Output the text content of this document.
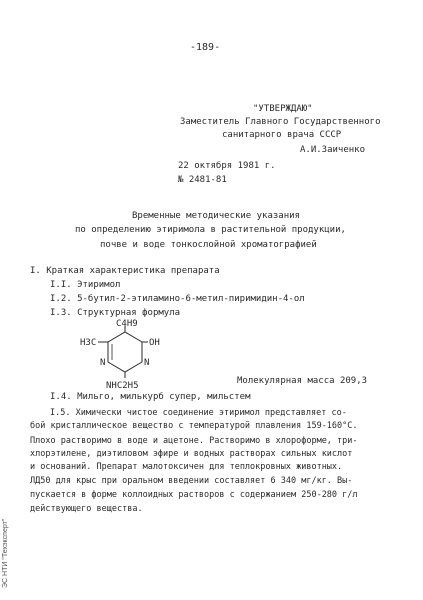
-189-
"УТВЕРЖДАЮ"
Заместитель Главного Государственного
санитарного врача СССР
А.И.Заиченко
22 октября 1981 г.
№ 2481-81
Временные методические указания
по определению этиримола в растительной продукции,
почве и воде тонкослойной хроматографией
I. Краткая характеристика препарата
I.I. Этиримол
I.2. 5-бутил-2-этиламино-6-метил-пиримидин-4-ол
I.3. Структурная формула
C4H9
H3C	OH
N
N
NHC2H5	Молекулярная масса 209,3
I.4. Мильго, милькурб супер, мильстем
I.5. Химически чистое соединение этиримол представляет со-
бой кристаллическое вещество с температурой плавления 159-160°C.
Плохо растворимо в воде и ацетоне. Растворимо в хлороформе, три-
хлорэтилене, диэтиловом эфире и водных растворах сильных кислот
и оснований. Препарат малотоксичен для теплокровных животных.
ЛД50 для крыс при оральном введении составляет 6 340 мг/кг. Вы-
пускается в форме коллоидных растворов с содержанием 250-280 г/л
действующего вещества.
ЭС НТИ "Техэксперт"
